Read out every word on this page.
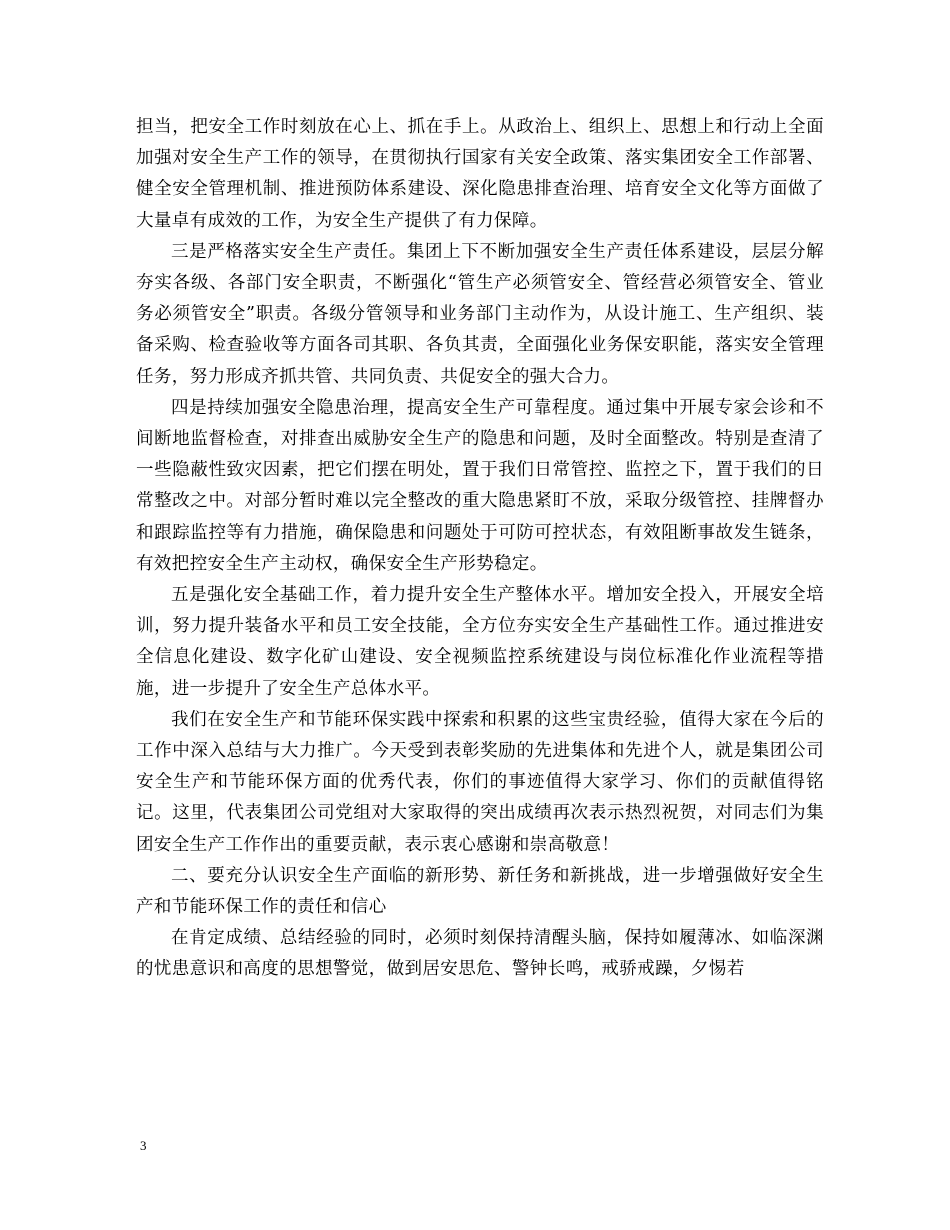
担当，把安全工作时刻放在心上、抓在手上。从政治上、组织上、思想上和行动上全面加强对安全生产工作的领导，在贯彻执行国家有关安全政策、落实集团安全工作部署、健全安全管理机制、推进预防体系建设、深化隐患排查治理、培育安全文化等方面做了大量卓有成效的工作，为安全生产提供了有力保障。

三是严格落实安全生产责任。集团上下不断加强安全生产责任体系建设，层层分解夯实各级、各部门安全职责，不断强化“管生产必须管安全、管经营必须管安全、管业务必须管安全”职责。各级分管领导和业务部门主动作为，从设计施工、生产组织、装备采购、检查验收等方面各司其职、各负其责，全面强化业务保安职能，落实安全管理任务，努力形成齐抓共管、共同负责、共促安全的强大合力。

四是持续加强安全隐患治理，提高安全生产可靠程度。通过集中开展专家会诊和不间断地监督检查，对排查出威胁安全生产的隐患和问题，及时全面整改。特别是查清了一些隐蔽性致灾因素，把它们摆在明处，置于我们日常管控、监控之下，置于我们的日常整改之中。对部分暂时难以完全整改的重大隐患紧盯不放，采取分级管控、挂牌督办和跟踪监控等有力措施，确保隐患和问题处于可防可控状态，有效阻断事故发生链条，有效把控安全生产主动权，确保安全生产形势稳定。

五是强化安全基础工作，着力提升安全生产整体水平。增加安全投入，开展安全培训，努力提升装备水平和员工安全技能，全方位夯实安全生产基础性工作。通过推进安全信息化建设、数字化矿山建设、安全视频监控系统建设与岗位标准化作业流程等措施，进一步提升了安全生产总体水平。

我们在安全生产和节能环保实践中探索和积累的这些宝贵经验，值得大家在今后的工作中深入总结与大力推广。今天受到表彰奖励的先进集体和先进个人，就是集团公司安全生产和节能环保方面的优秀代表，你们的事迹值得大家学习、你们的贡献值得铭记。这里，代表集团公司党组对大家取得的突出成绩再次表示热烈祝贺，对同志们为集团安全生产工作作出的重要贡献，表示衷心感谢和崇高敬意！

二、要充分认识安全生产面临的新形势、新任务和新挑战，进一步增强做好安全生产和节能环保工作的责任和信心

在肯定成绩、总结经验的同时，必须时刻保持清醒头脑，保持如履薄冰、如临深渊的忧患意识和高度的思想警觉，做到居安思危、警钟长鸣，戒骄戒躁，夕惕若

3
